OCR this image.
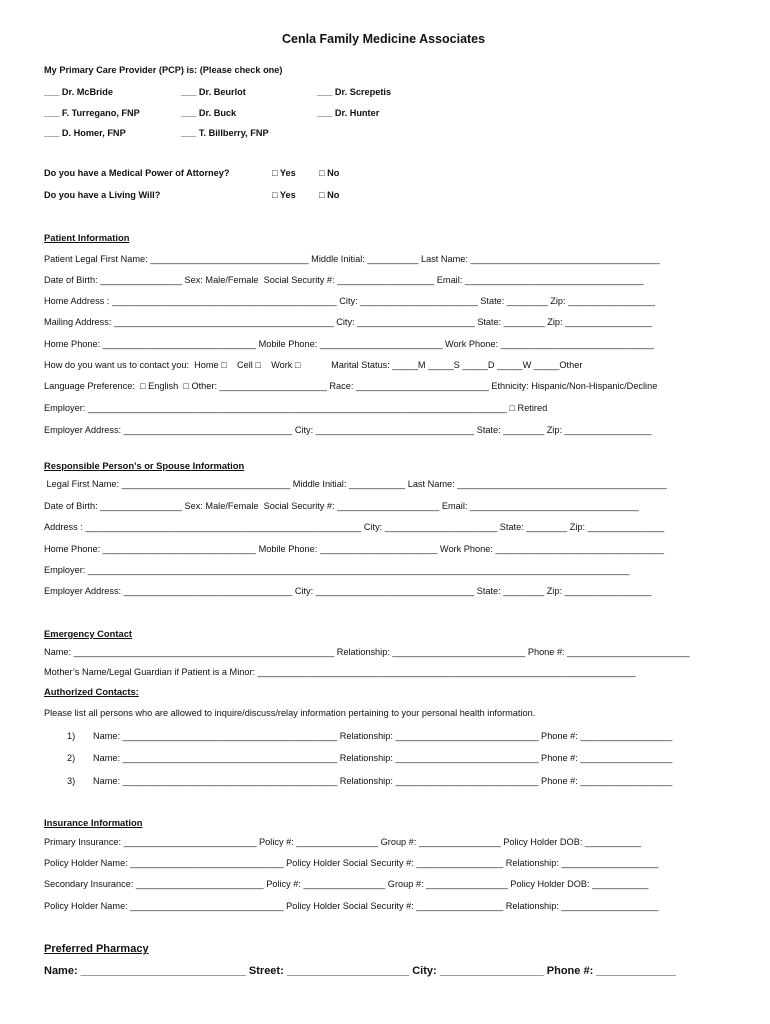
Cenla Family Medicine Associates
My Primary Care Provider (PCP) is: (Please check one)
___ Dr. McBride	___ Dr. Beurlot	___ Dr. Screpetis
___ F. Turregano, FNP	___ Dr. Buck	___ Dr. Hunter
___ D. Homer, FNP	___ T. Billberry, FNP
Do you have a Medical Power of Attorney?	□ Yes	□ No
Do you have a Living Will?	□ Yes	□ No
Patient Information
Patient Legal First Name: _______________________________ Middle Initial: __________ Last Name: _____________________________________
Date of Birth: ________________ Sex: Male/Female  Social Security #: ___________________ Email: ___________________________________
Home Address : ____________________________________________ City: _______________________ State: ________ Zip: _________________
Mailing Address: ___________________________________________ City: _______________________ State: ________ Zip: _________________
Home Phone: ______________________________ Mobile Phone: ________________________ Work Phone: ______________________________
How do you want us to contact you:  Home □    Cell □    Work □            Marital Status: _____M _____S _____D _____W _____Other
Language Preference:  □ English  □ Other: _____________________ Race: __________________________ Ethnicity: Hispanic/Non-Hispanic/Decline
Employer: __________________________________________________________________________________ □ Retired
Employer Address: _________________________________ City: _______________________________ State: ________ Zip: _________________
Responsible Person’s or Spouse Information
Legal First Name: _________________________________ Middle Initial: ___________ Last Name: _________________________________________
Date of Birth: ________________ Sex: Male/Female  Social Security #: ____________________ Email: _________________________________
Address : ______________________________________________________ City: ______________________ State: ________ Zip: _______________
Home Phone: ______________________________ Mobile Phone: _______________________ Work Phone: _________________________________
Employer: __________________________________________________________________________________________________________
Employer Address: _________________________________ City: _______________________________ State: ________ Zip: _________________
Emergency Contact
Name: ___________________________________________________ Relationship: __________________________ Phone #: ________________________
Mother’s Name/Legal Guardian if Patient is a Minor: __________________________________________________________________________
Authorized Contacts:
Please list all persons who are allowed to inquire/discuss/relay information pertaining to your personal health information.
1) Name: __________________________________________ Relationship: ____________________________ Phone #: __________________
2) Name: __________________________________________ Relationship: ____________________________ Phone #: __________________
3) Name: __________________________________________ Relationship: ____________________________ Phone #: __________________
Insurance Information
Primary Insurance: __________________________ Policy #: ________________ Group #: ________________ Policy Holder DOB: ___________
Policy Holder Name: ______________________________ Policy Holder Social Security #: _________________ Relationship: ___________________
Secondary Insurance: _________________________ Policy #: ________________ Group #: ________________ Policy Holder DOB: ___________
Policy Holder Name: ______________________________ Policy Holder Social Security #: _________________ Relationship: ___________________
Preferred Pharmacy
Name: ___________________________ Street: ____________________ City: _________________ Phone #: _____________
